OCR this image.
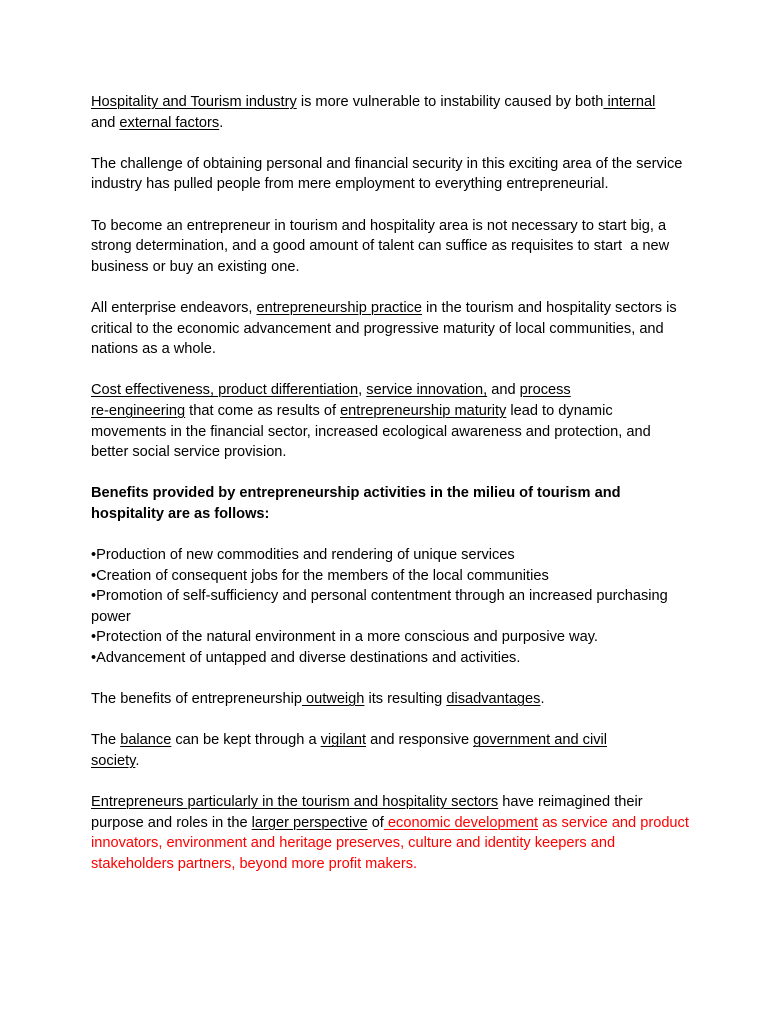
Hospitality and Tourism industry is more vulnerable to instability caused by both internal
and external factors.

The challenge of obtaining personal and financial security in this exciting area of the service industry has pulled people from mere employment to everything entrepreneurial.

To become an entrepreneur in tourism and hospitality area is not necessary to start big, a strong determination, and a good amount of talent can suffice as requisites to start  a new business or buy an existing one.

All enterprise endeavors, entrepreneurship practice in the tourism and hospitality sectors is critical to the economic advancement and progressive maturity of local communities, and nations as a whole.

Cost effectiveness, product differentiation, service innovation, and process
re-engineering that come as results of entrepreneurship maturity lead to dynamic movements in the financial sector, increased ecological awareness and protection, and better social service provision.

Benefits provided by entrepreneurship activities in the milieu of tourism and hospitality are as follows:

•Production of new commodities and rendering of unique services
•Creation of consequent jobs for the members of the local communities
•Promotion of self-sufficiency and personal contentment through an increased purchasing power
•Protection of the natural environment in a more conscious and purposive way.
•Advancement of untapped and diverse destinations and activities.

The benefits of entrepreneurship outweigh its resulting disadvantages.

The balance can be kept through a vigilant and responsive government and civil
society.

Entrepreneurs particularly in the tourism and hospitality sectors have reimagined their purpose and roles in the larger perspective of economic development as service and product innovators, environment and heritage preserves, culture and identity keepers and stakeholders partners, beyond more profit makers.
